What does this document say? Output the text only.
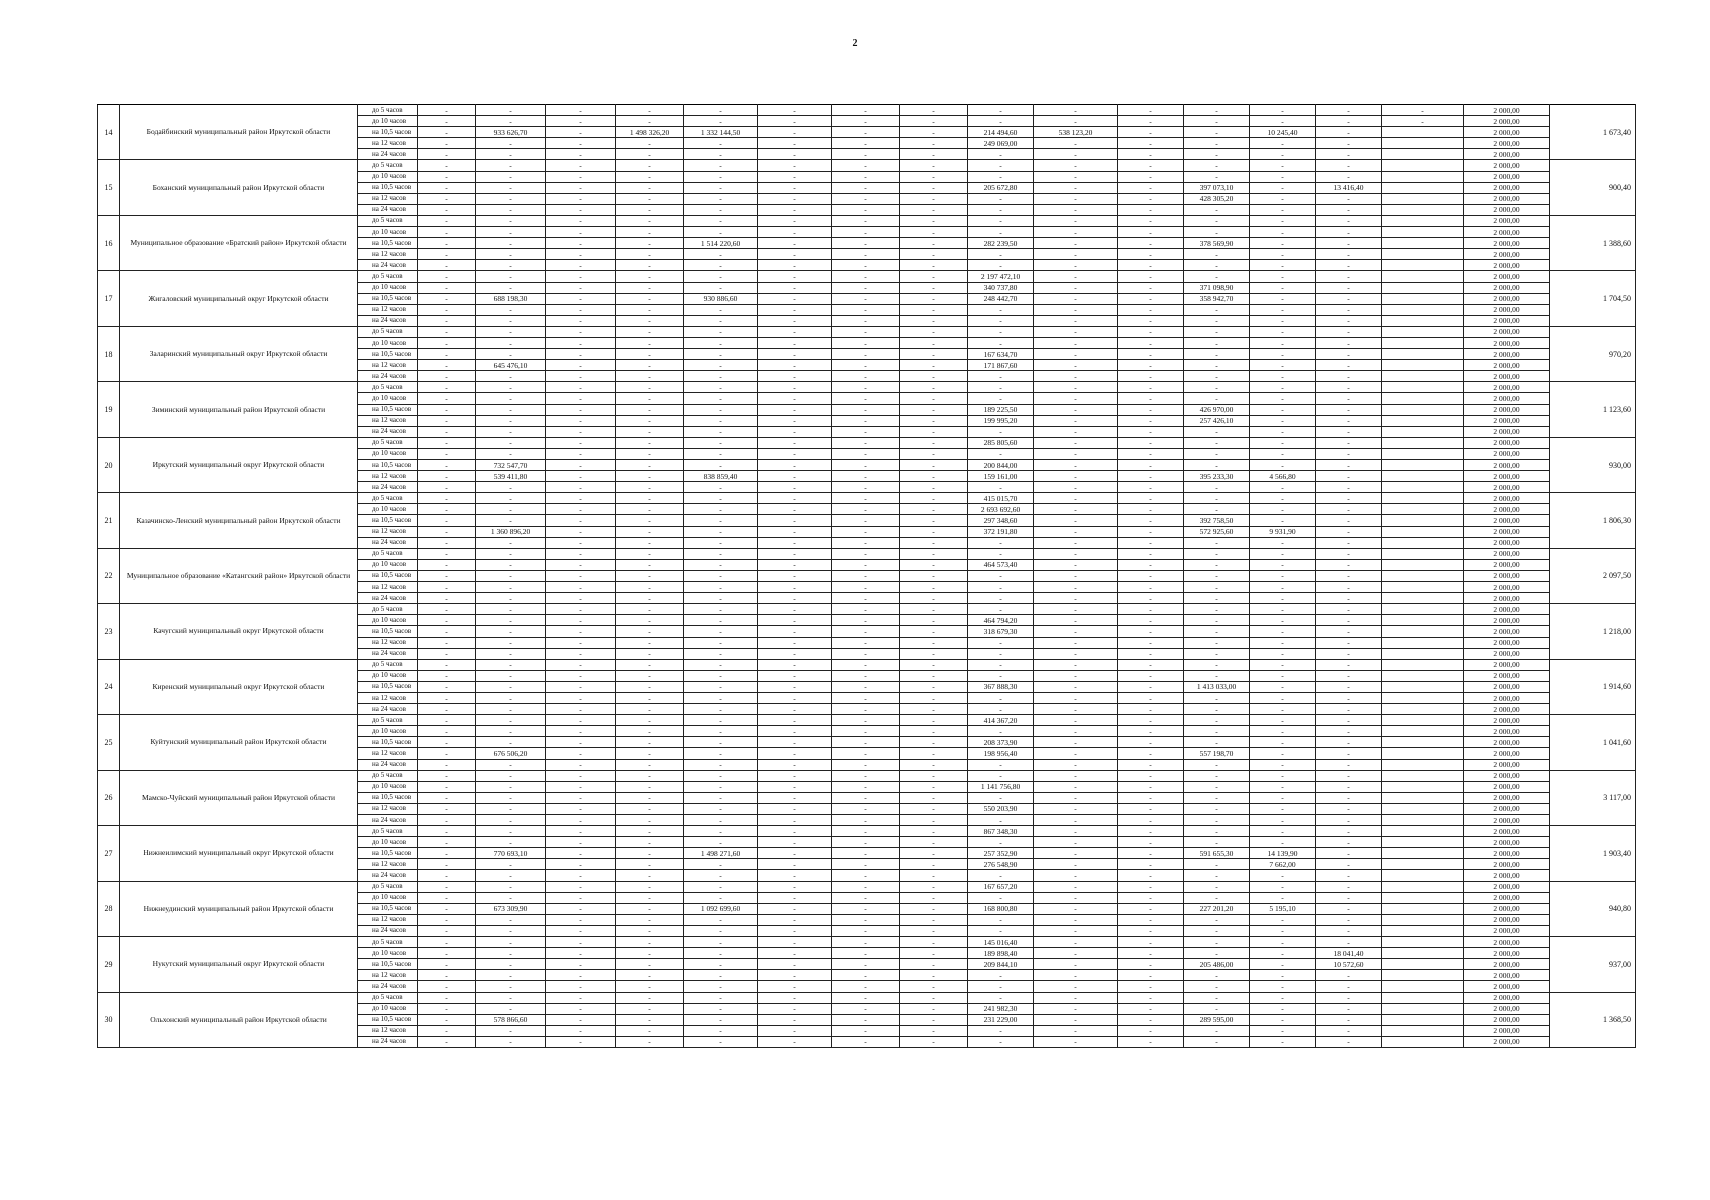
2
14	Бодайбинский муниципальный район Иркутской области	до 5 часов	-	-	-	-	-	-	-	-	-	-	-	-	-	-	-	2 000,00	1 673,40
		до 10 часов	-	-	-	-	-	-	-	-	-	-	-	-	-	-	-	2 000,00	
		на 10,5 часов	-	933 626,70	-	1 498 326,20	1 332 144,50	-	-	-	214 494,60	538 123,20	-	-	10 245,40	-		2 000,00	
		на 12 часов	-	-	-	-	-	-	-	-	249 069,00	-	-	-	-	-		2 000,00	
		на 24 часов	-	-	-	-	-	-	-	-	-	-	-	-	-	-		2 000,00	
15	Боханский муниципальный район Иркутской области	до 5 часов	-	-	-	-	-	-	-	-	-	-	-	-	-	-		2 000,00	900,40
		до 10 часов	-	-	-	-	-	-	-	-	-	-	-	-	-	-		2 000,00	
		на 10,5 часов	-	-	-	-	-	-	-	-	205 672,80	-	-	397 073,10	-	13 416,40		2 000,00	
		на 12 часов	-	-	-	-	-	-	-	-	-	-	-	428 305,20	-	-		2 000,00	
		на 24 часов	-	-	-	-	-	-	-	-	-	-	-	-	-	-		2 000,00	
16	Муниципальное образование «Братский район» Иркутской области	до 5 часов	-	-	-	-	-	-	-	-	-	-	-	-	-	-		2 000,00	1 388,60
		до 10 часов	-	-	-	-	-	-	-	-	-	-	-	-	-	-		2 000,00	
		на 10,5 часов	-	-	-	-	1 514 220,60	-	-	-	282 239,50	-	-	378 569,90	-	-		2 000,00	
		на 12 часов	-	-	-	-	-	-	-	-	-	-	-	-	-	-		2 000,00	
		на 24 часов	-	-	-	-	-	-	-	-	-	-	-	-	-	-		2 000,00	
17	Жигаловский муниципальный округ Иркутской области	до 5 часов	-	-	-	-	-	-	-	-	2 197 472,10	-	-	-	-	-		2 000,00	1 704,50
		до 10 часов	-	-	-	-	-	-	-	-	340 737,80	-	-	371 098,90	-	-		2 000,00	
		на 10,5 часов	-	688 198,30	-	-	930 886,60	-	-	-	248 442,70	-	-	358 942,70	-	-		2 000,00	
		на 12 часов	-	-	-	-	-	-	-	-	-	-	-	-	-	-		2 000,00	
		на 24 часов	-	-	-	-	-	-	-	-	-	-	-	-	-	-		2 000,00	
18	Заларинский муниципальный округ Иркутской области	до 5 часов	-	-	-	-	-	-	-	-	-	-	-	-	-	-		2 000,00	970,20
		до 10 часов	-	-	-	-	-	-	-	-	-	-	-	-	-	-		2 000,00	
		на 10,5 часов	-	-	-	-	-	-	-	-	167 634,70	-	-	-	-	-		2 000,00	
		на 12 часов	-	645 476,10	-	-	-	-	-	-	171 867,60	-	-	-	-	-		2 000,00	
		на 24 часов	-	-	-	-	-	-	-	-	-	-	-	-	-	-		2 000,00	
19	Зиминский муниципальный район Иркутской области	до 5 часов	-	-	-	-	-	-	-	-	-	-	-	-	-	-		2 000,00	1 123,60
		до 10 часов	-	-	-	-	-	-	-	-	-	-	-	-	-	-		2 000,00	
		на 10,5 часов	-	-	-	-	-	-	-	-	189 225,50	-	-	426 970,00	-	-		2 000,00	
		на 12 часов	-	-	-	-	-	-	-	-	199 995,20	-	-	257 426,10	-	-		2 000,00	
		на 24 часов	-	-	-	-	-	-	-	-	-	-	-	-	-	-		2 000,00	
20	Иркутский муниципальный округ Иркутской области	до 5 часов	-	-	-	-	-	-	-	-	285 805,60	-	-	-	-	-		2 000,00	930,00
		до 10 часов	-	-	-	-	-	-	-	-	-	-	-	-	-	-		2 000,00	
		на 10,5 часов	-	732 547,70	-	-	-	-	-	-	200 844,00	-	-	-	-	-		2 000,00	
		на 12 часов	-	539 411,80	-	-	838 859,40	-	-	-	159 161,00	-	-	395 233,30	4 566,80	-		2 000,00	
		на 24 часов	-	-	-	-	-	-	-	-	-	-	-	-	-	-		2 000,00	
21	Казачинско-Ленский муниципальный район Иркутской области	до 5 часов	-	-	-	-	-	-	-	-	415 015,70	-	-	-	-	-		2 000,00	1 806,30
		до 10 часов	-	-	-	-	-	-	-	-	2 693 692,60	-	-	-	-	-		2 000,00	
		на 10,5 часов	-	-	-	-	-	-	-	-	297 348,60	-	-	392 758,50	-	-		2 000,00	
		на 12 часов	-	1 360 896,20	-	-	-	-	-	-	372 191,80	-	-	572 925,60	9 931,90	-		2 000,00	
		на 24 часов	-	-	-	-	-	-	-	-	-	-	-	-	-	-		2 000,00	
22	Муниципальное образование «Катангский район» Иркутской области	до 5 часов	-	-	-	-	-	-	-	-	-	-	-	-	-	-		2 000,00	2 097,50
		до 10 часов	-	-	-	-	-	-	-	-	464 573,40	-	-	-	-	-		2 000,00	
		на 10,5 часов	-	-	-	-	-	-	-	-	-	-	-	-	-	-		2 000,00	
		на 12 часов	-	-	-	-	-	-	-	-	-	-	-	-	-	-		2 000,00	
		на 24 часов	-	-	-	-	-	-	-	-	-	-	-	-	-	-		2 000,00	
23	Качугский муниципальный округ Иркутской области	до 5 часов	-	-	-	-	-	-	-	-	-	-	-	-	-	-		2 000,00	1 218,00
		до 10 часов	-	-	-	-	-	-	-	-	464 794,20	-	-	-	-	-		2 000,00	
		на 10,5 часов	-	-	-	-	-	-	-	-	318 679,30	-	-	-	-	-		2 000,00	
		на 12 часов	-	-	-	-	-	-	-	-	-	-	-	-	-	-		2 000,00	
		на 24 часов	-	-	-	-	-	-	-	-	-	-	-	-	-	-		2 000,00	
24	Киренский муниципальный округ Иркутской области	до 5 часов	-	-	-	-	-	-	-	-	-	-	-	-	-	-		2 000,00	1 914,60
		до 10 часов	-	-	-	-	-	-	-	-	-	-	-	-	-	-		2 000,00	
		на 10,5 часов	-	-	-	-	-	-	-	-	367 888,30	-	-	1 413 033,00	-	-		2 000,00	
		на 12 часов	-	-	-	-	-	-	-	-	-	-	-	-	-	-		2 000,00	
		на 24 часов	-	-	-	-	-	-	-	-	-	-	-	-	-	-		2 000,00	
25	Куйтунский муниципальный район Иркутской области	до 5 часов	-	-	-	-	-	-	-	-	414 367,20	-	-	-	-	-		2 000,00	1 041,60
		до 10 часов	-	-	-	-	-	-	-	-	-	-	-	-	-	-		2 000,00	
		на 10,5 часов	-	-	-	-	-	-	-	-	208 373,90	-	-	-	-	-		2 000,00	
		на 12 часов	-	676 506,20	-	-	-	-	-	-	198 956,40	-	-	557 198,70	-	-		2 000,00	
		на 24 часов	-	-	-	-	-	-	-	-	-	-	-	-	-	-		2 000,00	
26	Мамско-Чуйский муниципальный район Иркутской области	до 5 часов	-	-	-	-	-	-	-	-	-	-	-	-	-	-		2 000,00	3 117,00
		до 10 часов	-	-	-	-	-	-	-	-	1 141 756,80	-	-	-	-	-		2 000,00	
		на 10,5 часов	-	-	-	-	-	-	-	-	-	-	-	-	-	-		2 000,00	
		на 12 часов	-	-	-	-	-	-	-	-	550 203,90	-	-	-	-	-		2 000,00	
		на 24 часов	-	-	-	-	-	-	-	-	-	-	-	-	-	-		2 000,00	
27	Нижнеилимский муниципальный округ Иркутской области	до 5 часов	-	-	-	-	-	-	-	-	867 348,30	-	-	-	-	-		2 000,00	1 903,40
		до 10 часов	-	-	-	-	-	-	-	-	-	-	-	-	-	-		2 000,00	
		на 10,5 часов	-	770 693,10	-	-	1 498 271,60	-	-	-	257 352,90	-	-	591 655,30	14 139,90	-		2 000,00	
		на 12 часов	-	-	-	-	-	-	-	-	276 548,90	-	-	-	7 662,00	-		2 000,00	
		на 24 часов	-	-	-	-	-	-	-	-	-	-	-	-	-	-		2 000,00	
28	Нижнеудинский муниципальный район Иркутской области	до 5 часов	-	-	-	-	-	-	-	-	167 657,20	-	-	-	-	-		2 000,00	940,80
		до 10 часов	-	-	-	-	-	-	-	-	-	-	-	-	-	-		2 000,00	
		на 10,5 часов	-	673 309,90	-	-	1 092 699,60	-	-	-	168 800,80	-	-	227 201,20	5 195,10	-		2 000,00	
		на 12 часов	-	-	-	-	-	-	-	-	-	-	-	-	-	-		2 000,00	
		на 24 часов	-	-	-	-	-	-	-	-	-	-	-	-	-	-		2 000,00	
29	Нукутский муниципальный округ Иркутской области	до 5 часов	-	-	-	-	-	-	-	-	145 016,40	-	-	-	-	-		2 000,00	937,00
		до 10 часов	-	-	-	-	-	-	-	-	189 898,40	-	-	-	-	18 041,40		2 000,00	
		на 10,5 часов	-	-	-	-	-	-	-	-	209 844,10	-	-	205 486,00	-	10 572,60		2 000,00	
		на 12 часов	-	-	-	-	-	-	-	-	-	-	-	-	-	-		2 000,00	
		на 24 часов	-	-	-	-	-	-	-	-	-	-	-	-	-	-		2 000,00	
30	Ольхонский муниципальный район Иркутской области	до 5 часов	-	-	-	-	-	-	-	-	-	-	-	-	-	-		2 000,00	1 368,50
		до 10 часов	-	-	-	-	-	-	-	-	241 982,30	-	-	-	-	-		2 000,00	
		на 10,5 часов	-	578 866,60	-	-	-	-	-	-	231 229,00	-	-	289 595,00	-	-		2 000,00	
		на 12 часов	-	-	-	-	-	-	-	-	-	-	-	-	-	-		2 000,00	
		на 24 часов	-	-	-	-	-	-	-	-	-	-	-	-	-	-		2 000,00	
